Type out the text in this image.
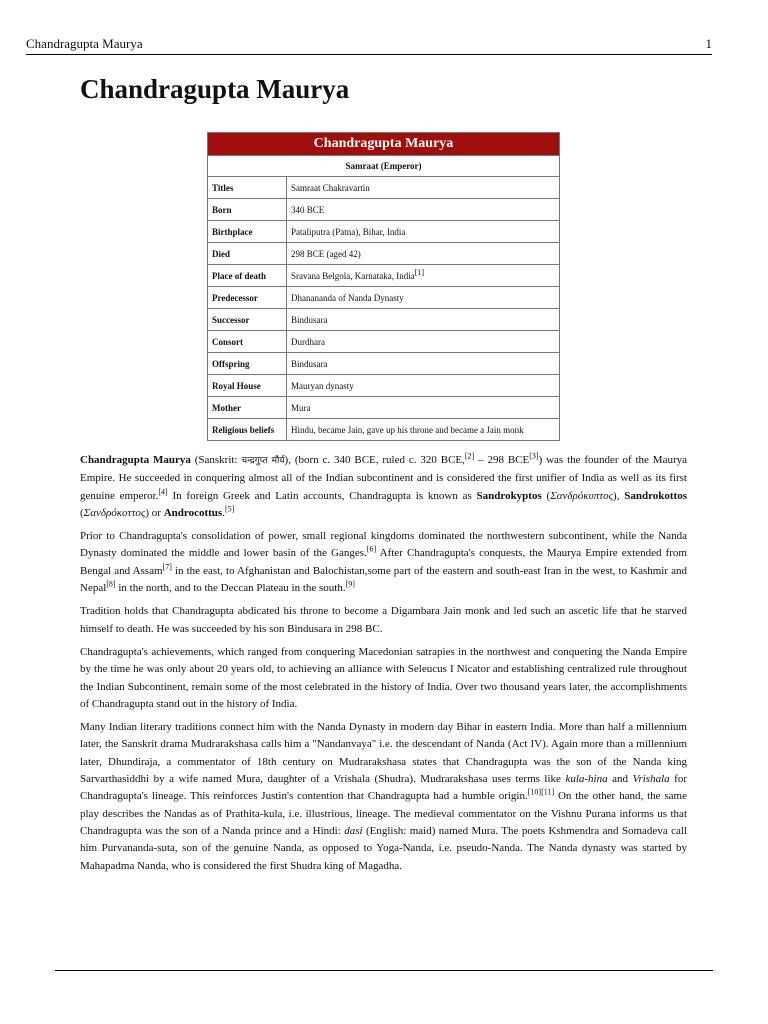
Chandragupta Maurya	1
Chandragupta Maurya
Chandragupta Maurya	
Samraat (Emperor)	
Titles	Samraat Chakravartin
Born	340 BCE
Birthplace	Pataliputra (Patna), Bihar, India
Died	298 BCE (aged 42)
Place of death	Sravana Belgola, Karnataka, India[1]
Predecessor	Dhanananda of Nanda Dynasty
Successor	Bindusara
Consort	Durdhara
Offspring	Bindusara
Royal House	Mauryan dynasty
Mother	Mura
Religious beliefs	Hindu, became Jain, gave up his throne and became a Jain monk

Chandragupta Maurya (Sanskrit: चन्द्रगुप्त मौर्य), (born c. 340 BCE, ruled c. 320 BCE,[2] – 298 BCE[3]) was the founder of the Maurya Empire. He succeeded in conquering almost all of the Indian subcontinent and is considered the first unifier of India as well as its first genuine emperor.[4] In foreign Greek and Latin accounts, Chandragupta is known as Sandrokyptos (Σανδρόκυπτος), Sandrokottos (Σανδρόκοττος) or Androcottus.[5]

Prior to Chandragupta's consolidation of power, small regional kingdoms dominated the northwestern subcontinent, while the Nanda Dynasty dominated the middle and lower basin of the Ganges.[6] After Chandragupta's conquests, the Maurya Empire extended from Bengal and Assam[7] in the east, to Afghanistan and Balochistan,some part of the eastern and south-east Iran in the west, to Kashmir and Nepal[8] in the north, and to the Deccan Plateau in the south.[9]

Tradition holds that Chandragupta abdicated his throne to become a Digambara Jain monk and led such an ascetic life that he starved himself to death. He was succeeded by his son Bindusara in 298 BC.

Chandragupta's achievements, which ranged from conquering Macedonian satrapies in the northwest and conquering the Nanda Empire by the time he was only about 20 years old, to achieving an alliance with Seleucus I Nicator and establishing centralized rule throughout the Indian Subcontinent, remain some of the most celebrated in the history of India. Over two thousand years later, the accomplishments of Chandragupta stand out in the history of India.

Many Indian literary traditions connect him with the Nanda Dynasty in modern day Bihar in eastern India. More than half a millennium later, the Sanskrit drama Mudrarakshasa calls him a "Nandanvaya" i.e. the descendant of Nanda (Act IV). Again more than a millennium later, Dhundiraja, a commentator of 18th century on Mudrarakshasa states that Chandragupta was the son of the Nanda king Sarvarthasiddhi by a wife named Mura, daughter of a Vrishala (Shudra). Mudrarakshasa uses terms like kula-hina and Vrishala for Chandragupta's lineage. This reinforces Justin's contention that Chandragupta had a humble origin.[10][11] On the other hand, the same play describes the Nandas as of Prathita-kula, i.e. illustrious, lineage. The medieval commentator on the Vishnu Purana informs us that Chandragupta was the son of a Nanda prince and a Hindi: dasi (English: maid) named Mura. The poets Kshmendra and Somadeva call him Purvananda-suta, son of the genuine Nanda, as opposed to Yoga-Nanda, i.e. pseudo-Nanda. The Nanda dynasty was started by Mahapadma Nanda, who is considered the first Shudra king of Magadha.
